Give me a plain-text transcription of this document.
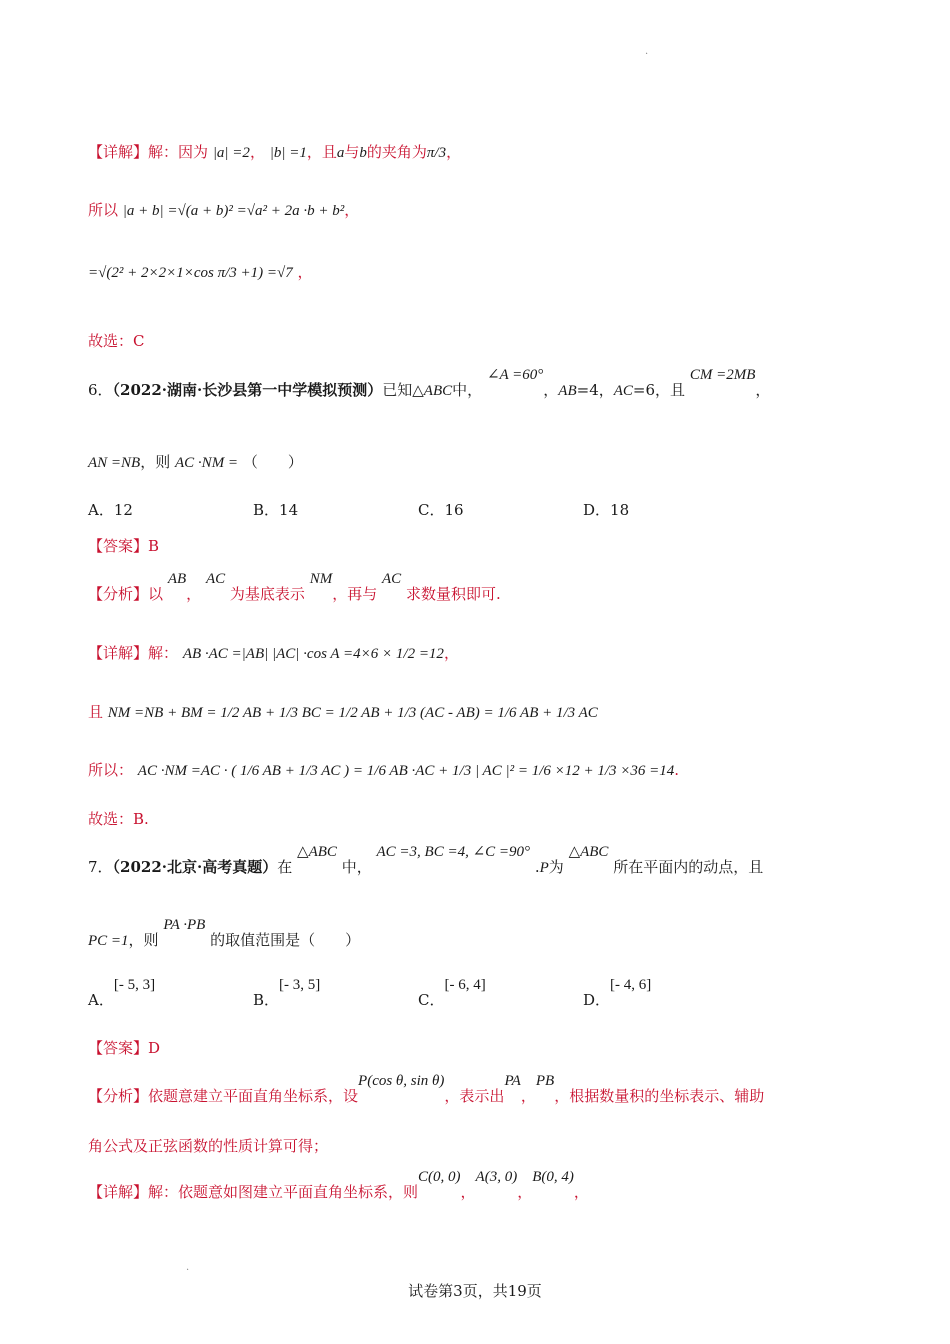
.
【详解】解：因为 |a| =2， |b| =1，且a与b的夹角为π/3，
所以 |a + b| =√(a + b)² =√a² + 2a ·b + b²，
=√(2² + 2×2×1×cos π/3 +1) =√7 ，
故选：C
6．（2022·湖南·长沙县第一中学模拟预测）已知△ABC中， ∠A =60°，AB=4，AC=6，且 CM =2MB，
AN =NB，则 AC ·NM = （　　）
A．12	B．14	C．16	D．18
【答案】B
【分析】以 AB， AC 为基底表示 NM，再与 AC 求数量积即可.
【详解】解： AB ·AC =|AB| |AC| ·cos A =4×6 × 1/2 =12，
且 NM =NB + BM = 1/2 AB + 1/3 BC = 1/2 AB + 1/3 (AC - AB) = 1/6 AB + 1/3 AC
所以： AC ·NM =AC · ( 1/6 AB + 1/3 AC ) = 1/6 AB ·AC + 1/3 | AC |² = 1/6 ×12 + 1/3 ×36 =14.
故选：B.
7．（2022·北京·高考真题）在 △ABC 中， AC =3, BC =4, ∠C =90° .P为 △ABC 所在平面内的动点，且
PC =1，则 PA ·PB 的取值范围是（　　）
A．[- 5, 3]
B．[- 3, 5]
C．[- 6, 4]
D．[- 4, 6]
【答案】D
【分析】依题意建立平面直角坐标系，设P(cos θ, sin θ)，表示出PA，PB，根据数量积的坐标表示、辅助
角公式及正弦函数的性质计算可得；
【详解】解：依题意如图建立平面直角坐标系，则C(0, 0)，A(3, 0)，B(0, 4)，
.
试卷第3页，共19页
